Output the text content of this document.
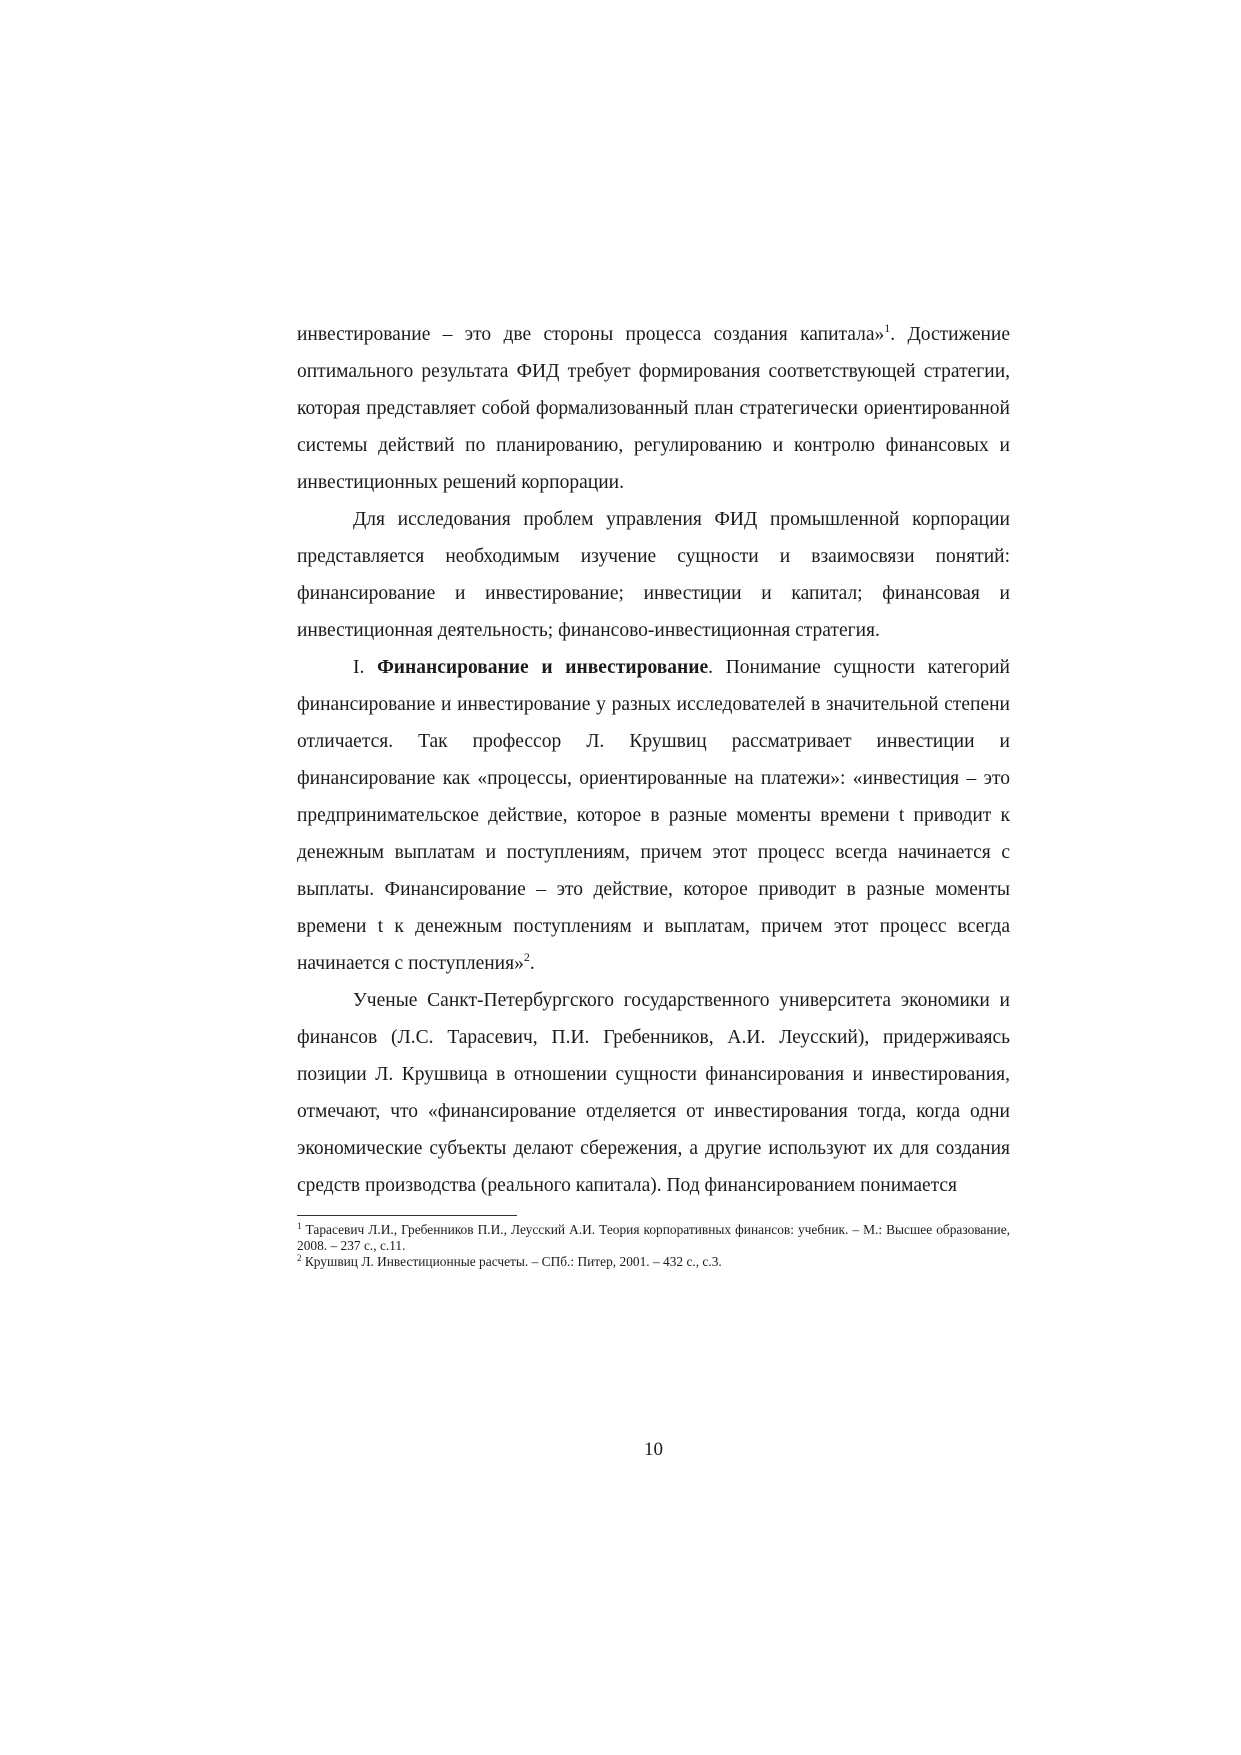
инвестирование – это две стороны процесса создания капитала»$^1$. Достижение оптимального результата ФИД требует формирования соответствующей стратегии, которая представляет собой формализованный план стратегически ориентированной системы действий по планированию, регулированию и контролю финансовых и инвестиционных решений корпорации.

Для исследования проблем управления ФИД промышленной корпорации представляется необходимым изучение сущности и взаимосвязи понятий: финансирование и инвестирование; инвестиции и капитал; финансовая и инвестиционная деятельность; финансово-инвестиционная стратегия.

I. Финансирование и инвестирование. Понимание сущности категорий финансирование и инвестирование у разных исследователей в значительной степени отличается. Так профессор Л. Крушвиц рассматривает инвестиции и финансирование как «процессы, ориентированные на платежи»: «инвестиция – это предпринимательское действие, которое в разные моменты времени t приводит к денежным выплатам и поступлениям, причем этот процесс всегда начинается с выплаты. Финансирование – это действие, которое приводит в разные моменты времени t к денежным поступлениям и выплатам, причем этот процесс всегда начинается с поступления»$^2$.

Ученые Санкт-Петербургского государственного университета экономики и финансов (Л.С. Тарасевич, П.И. Гребенников, А.И. Леусский), придерживаясь позиции Л. Крушвица в отношении сущности финансирования и инвестирования, отмечают, что «финансирование отделяется от инвестирования тогда, когда одни экономические субъекты делают сбережения, а другие используют их для создания средств производства (реального капитала). Под финансированием понимается

$^1$ Тарасевич Л.И., Гребенников П.И., Леусский А.И. Теория корпоративных финансов: учебник. – М.: Высшее образование, 2008. – 237 с., с.11.

$^2$ Крушвиц Л. Инвестиционные расчеты. – СПб.: Питер, 2001. – 432 с., с.3.

10
